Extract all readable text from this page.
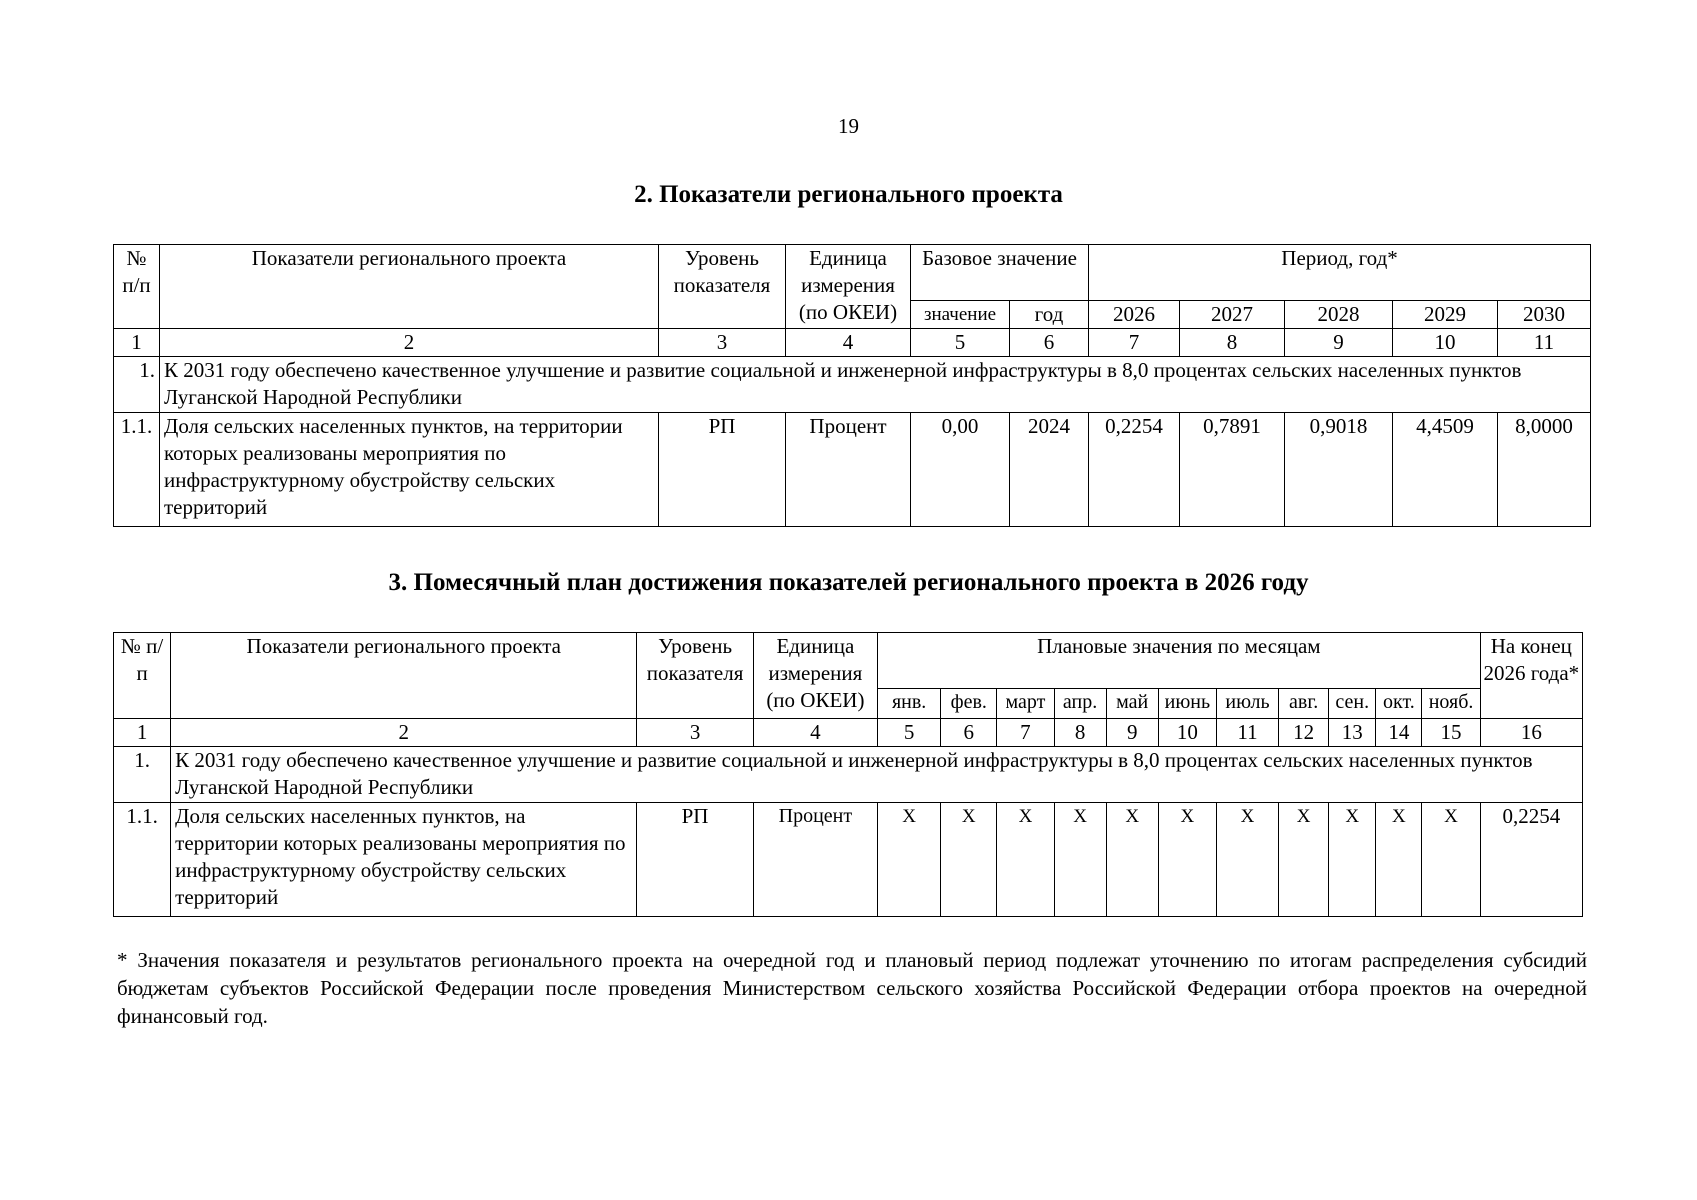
19
2. Показатели регионального проекта
№ п/п	Показатели регионального проекта	Уровень показателя	Единица измерения (по ОКЕИ)	Базовое значение		Период, год*				
				значение	год	2026	2027	2028	2029	2030
1	2	3	4	5	6	7	8	9	10	11
1.	К 2031 году обеспечено качественное улучшение и развитие социальной и инженерной инфраструктуры в 8,0 процентах сельских населенных пунктов Луганской Народной Республики									
1.1.	Доля сельских населенных пунктов, на территории которых реализованы мероприятия по инфраструктурному обустройству сельских территорий	РП	Процент	0,00	2024	0,2254	0,7891	0,9018	4,4509	8,0000
3. Помесячный план достижения показателей регионального проекта в 2026 году
№ п/п	Показатели регионального проекта	Уровень показателя	Единица измерения (по ОКЕИ)	Плановые значения по месяцам											На конец 2026 года*
				янв.	фев.	март	апр.	май	июнь	июль	авг.	сен.	окт.	нояб.	
1	2	3	4	5	6	7	8	9	10	11	12	13	14	15	16
1.	К 2031 году обеспечено качественное улучшение и развитие социальной и инженерной инфраструктуры в 8,0 процентах сельских населенных пунктов Луганской Народной Республики														
1.1.	Доля сельских населенных пунктов, на территории которых реализованы мероприятия по инфраструктурному обустройству сельских территорий	РП	Процент	X	X	X	X	X	X	X	X	X	X	X	0,2254
* Значения показателя и результатов регионального проекта на очередной год и плановый период подлежат уточнению по итогам распределения субсидий бюджетам субъектов Российской Федерации после проведения Министерством сельского хозяйства Российской Федерации отбора проектов на очередной финансовый год.
